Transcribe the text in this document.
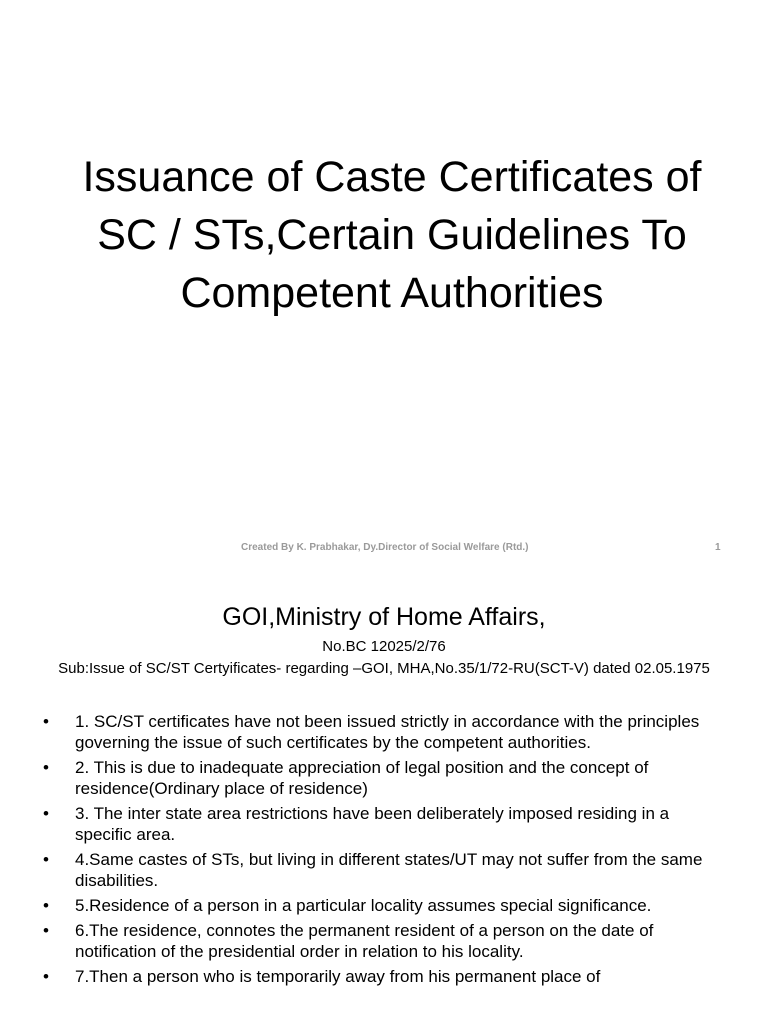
Issuance of Caste Certificates of SC / STs,Certain Guidelines To Competent Authorities
Created By K. Prabhakar, Dy.Director of Social Welfare (Rtd.)	1
GOI,Ministry of Home Affairs,
No.BC 12025/2/76
Sub:Issue of SC/ST Certyificates- regarding –GOI, MHA,No.35/1/72-RU(SCT-V) dated 02.05.1975
• 1. SC/ST certificates have not been issued strictly in accordance with the principles governing the issue of such certificates by the competent authorities.
• 2. This is due to inadequate appreciation of legal position and the concept of residence(Ordinary place of residence)
• 3. The inter state area restrictions have been deliberately imposed residing in a specific area.
• 4.Same castes of STs, but living in different states/UT may not suffer from the same disabilities.
• 5.Residence of a person in a particular locality assumes special significance.
• 6.The residence, connotes the permanent resident of a person on the date of notification of the presidential order in relation to his locality.
• 7.Then a person who is temporarily away from his permanent place of
